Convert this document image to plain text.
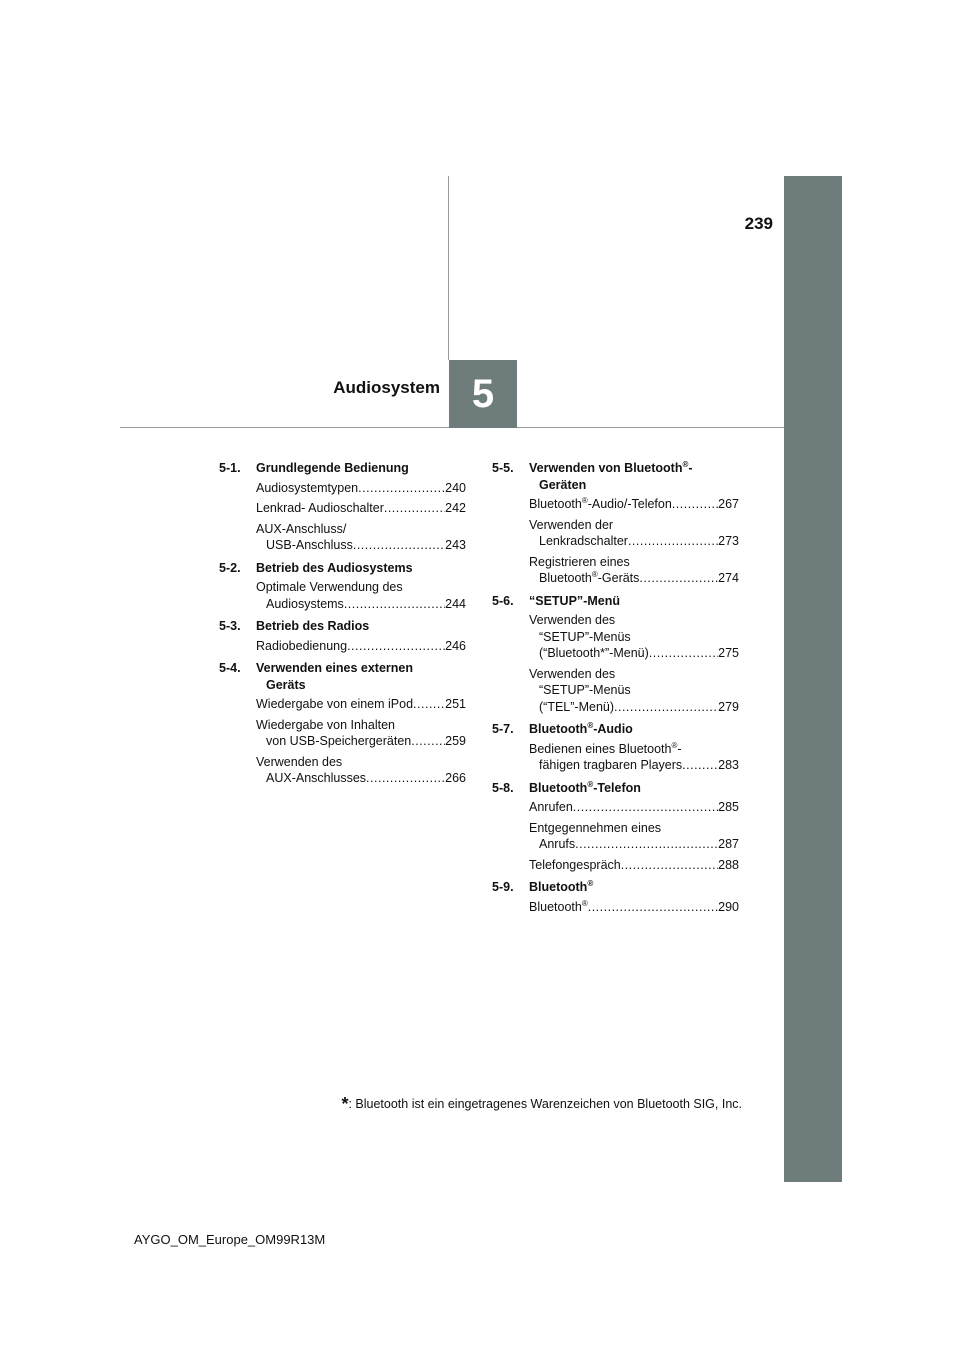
239
5
Audiosystem
5-1.	Grundlegende Bedienung
Audiosystemtypen .....	240
Lenkrad- Audioschalter .....	242
AUX-Anschluss/
USB-Anschluss .....	243
5-2.	Betrieb des Audiosystems
Optimale Verwendung des
Audiosystems .....	244
5-3.	Betrieb des Radios
Radiobedienung .....	246
5-4.	Verwenden eines externen
Geräts
Wiedergabe von einem iPod .....	251
Wiedergabe von Inhalten
von USB-Speichergeräten .....	259
Verwenden des
AUX-Anschlusses .....	266
5-5.	Verwenden von Bluetooth®-
Geräten
Bluetooth®-Audio/-Telefon .....	267
Verwenden der
Lenkradschalter .....	273
Registrieren eines
Bluetooth®-Geräts .....	274
5-6.	“SETUP”-Menü
Verwenden des
“SETUP”-Menüs
(“Bluetooth*”-Menü) .....	275
Verwenden des
“SETUP”-Menüs
(“TEL”-Menü) .....	279
5-7.	Bluetooth®-Audio
Bedienen eines Bluetooth®-
fähigen tragbaren Players .....	283
5-8.	Bluetooth®-Telefon
Anrufen .....	285
Entgegennehmen eines
Anrufs .....	287
Telefongespräch .....	288
5-9.	Bluetooth®
Bluetooth® .....	290
*: Bluetooth ist ein eingetragenes Warenzeichen von Bluetooth SIG, Inc.
AYGO_OM_Europe_OM99R13M
